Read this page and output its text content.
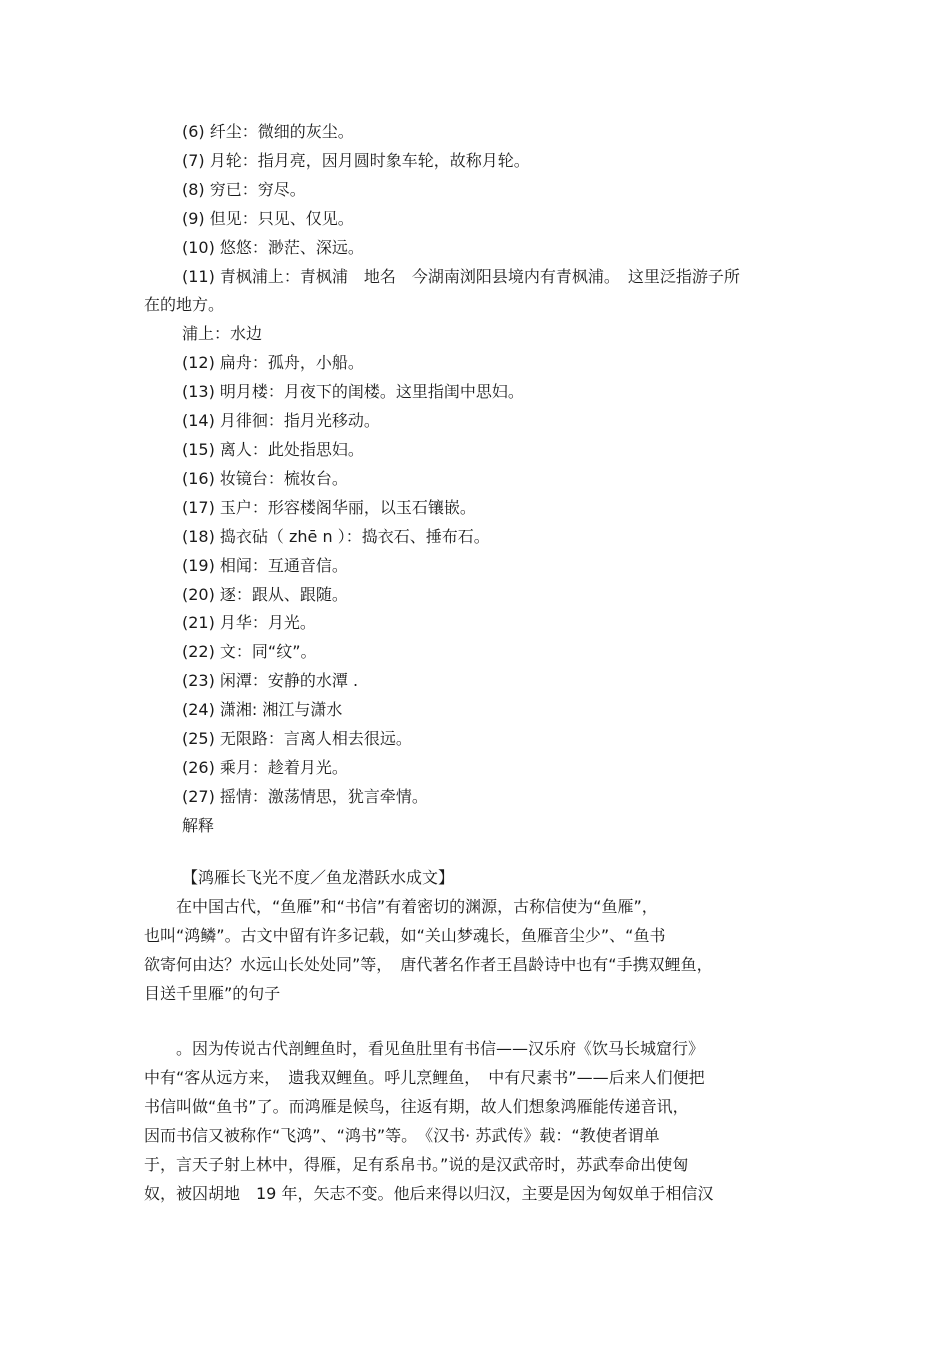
(6) 纤尘：微细的灰尘。
(7) 月轮：指月亮，因月圆时象车轮，故称月轮。
(8) 穷已：穷尽。
(9) 但见：只见、仅见。
(10) 悠悠：渺茫、深远。
(11) 青枫浦上：青枫浦　地名　今湖南浏阳县境内有青枫浦。　这里泛指游子所
在的地方。
浦上：水边
(12) 扁舟：孤舟，小船。
(13) 明月楼：月夜下的闺楼。这里指闺中思妇。
(14) 月徘徊：指月光移动。
(15) 离人：此处指思妇。
(16) 妆镜台：梳妆台。
(17) 玉户：形容楼阁华丽，以玉石镶嵌。
(18) 捣衣砧（ zhē n ）：捣衣石、捶布石。
(19) 相闻：互通音信。
(20) 逐：跟从、跟随。
(21) 月华：月光。
(22) 文：同“纹”。
(23) 闲潭：安静的水潭 .
(24) 潇湘: 湘江与潇水
(25) 无限路：言离人相去很远。
(26) 乘月：趁着月光。
(27) 摇情：激荡情思，犹言牵情。
解释
【鸿雁长飞光不度／鱼龙潜跃水成文】
　　在中国古代，“鱼雁”和“书信”有着密切的渊源，古称信使为“鱼雁”，
也叫“鸿鳞”。古文中留有许多记载，如“关山梦魂长，鱼雁音尘少”、“鱼书
欲寄何由达？水远山长处处同”等，　唐代著名作者王昌龄诗中也有“手携双鲤鱼，
目送千里雁”的句子
　　。因为传说古代剖鲤鱼时，看见鱼肚里有书信——汉乐府《饮马长城窟行》
中有“客从远方来，　遗我双鲤鱼。呼儿烹鲤鱼，　中有尺素书”——后来人们便把
书信叫做“鱼书”了。而鸿雁是候鸟，往返有期，故人们想象鸿雁能传递音讯，
因而书信又被称作“飞鸿”、“鸿书”等。　《汉书· 苏武传》载：“教使者谓单
于，言天子射上林中，得雁，足有系帛书。”说的是汉武帝时，苏武奉命出使匈
奴，被囚胡地　19 年，矢志不变。他后来得以归汉，主要是因为匈奴单于相信汉
